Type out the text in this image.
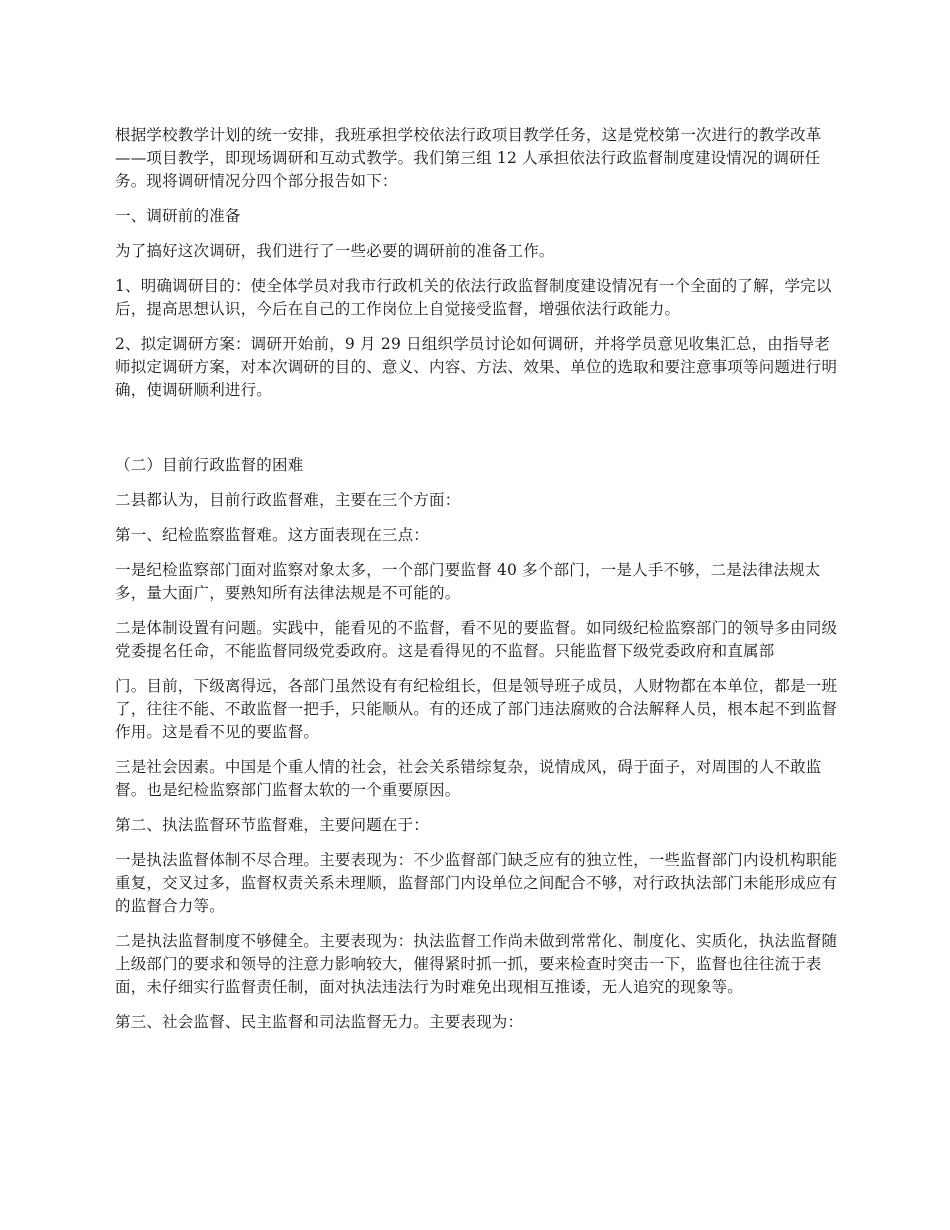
根据学校教学计划的统一安排，我班承担学校依法行政项目教学任务，这是党校第一次进行的教学改革——项目教学，即现场调研和互动式教学。我们第三组 12 人承担依法行政监督制度建设情况的调研任务。现将调研情况分四个部分报告如下：

一、调研前的准备

为了搞好这次调研，我们进行了一些必要的调研前的准备工作。

1、明确调研目的：使全体学员对我市行政机关的依法行政监督制度建设情况有一个全面的了解，学完以后，提高思想认识，今后在自己的工作岗位上自觉接受监督，增强依法行政能力。

2、拟定调研方案：调研开始前，9 月 29 日组织学员讨论如何调研，并将学员意见收集汇总，由指导老师拟定调研方案，对本次调研的目的、意义、内容、方法、效果、单位的选取和要注意事项等问题进行明确，使调研顺利进行。

（二）目前行政监督的困难

二县都认为，目前行政监督难，主要在三个方面：

第一、纪检监察监督难。这方面表现在三点：

一是纪检监察部门面对监察对象太多，一个部门要监督 40 多个部门，一是人手不够，二是法律法规太多，量大面广，要熟知所有法律法规是不可能的。

二是体制设置有问题。实践中，能看见的不监督，看不见的要监督。如同级纪检监察部门的领导多由同级党委提名任命，不能监督同级党委政府。这是看得见的不监督。只能监督下级党委政府和直属部

门。目前，下级离得远，各部门虽然设有有纪检组长，但是领导班子成员，人财物都在本单位，都是一班了，往往不能、不敢监督一把手，只能顺从。有的还成了部门违法腐败的合法解释人员，根本起不到监督作用。这是看不见的要监督。

三是社会因素。中国是个重人情的社会，社会关系错综复杂，说情成风，碍于面子，对周围的人不敢监督。也是纪检监察部门监督太软的一个重要原因。

第二、执法监督环节监督难，主要问题在于：

一是执法监督体制不尽合理。主要表现为：不少监督部门缺乏应有的独立性，一些监督部门内设机构职能重复，交叉过多，监督权责关系未理顺，监督部门内设单位之间配合不够，对行政执法部门未能形成应有的监督合力等。

二是执法监督制度不够健全。主要表现为：执法监督工作尚未做到常常化、制度化、实质化，执法监督随上级部门的要求和领导的注意力影响较大，催得紧时抓一抓，要来检查时突击一下，监督也往往流于表面，未仔细实行监督责任制，面对执法违法行为时难免出现相互推诿，无人追究的现象等。

第三、社会监督、民主监督和司法监督无力。主要表现为：
